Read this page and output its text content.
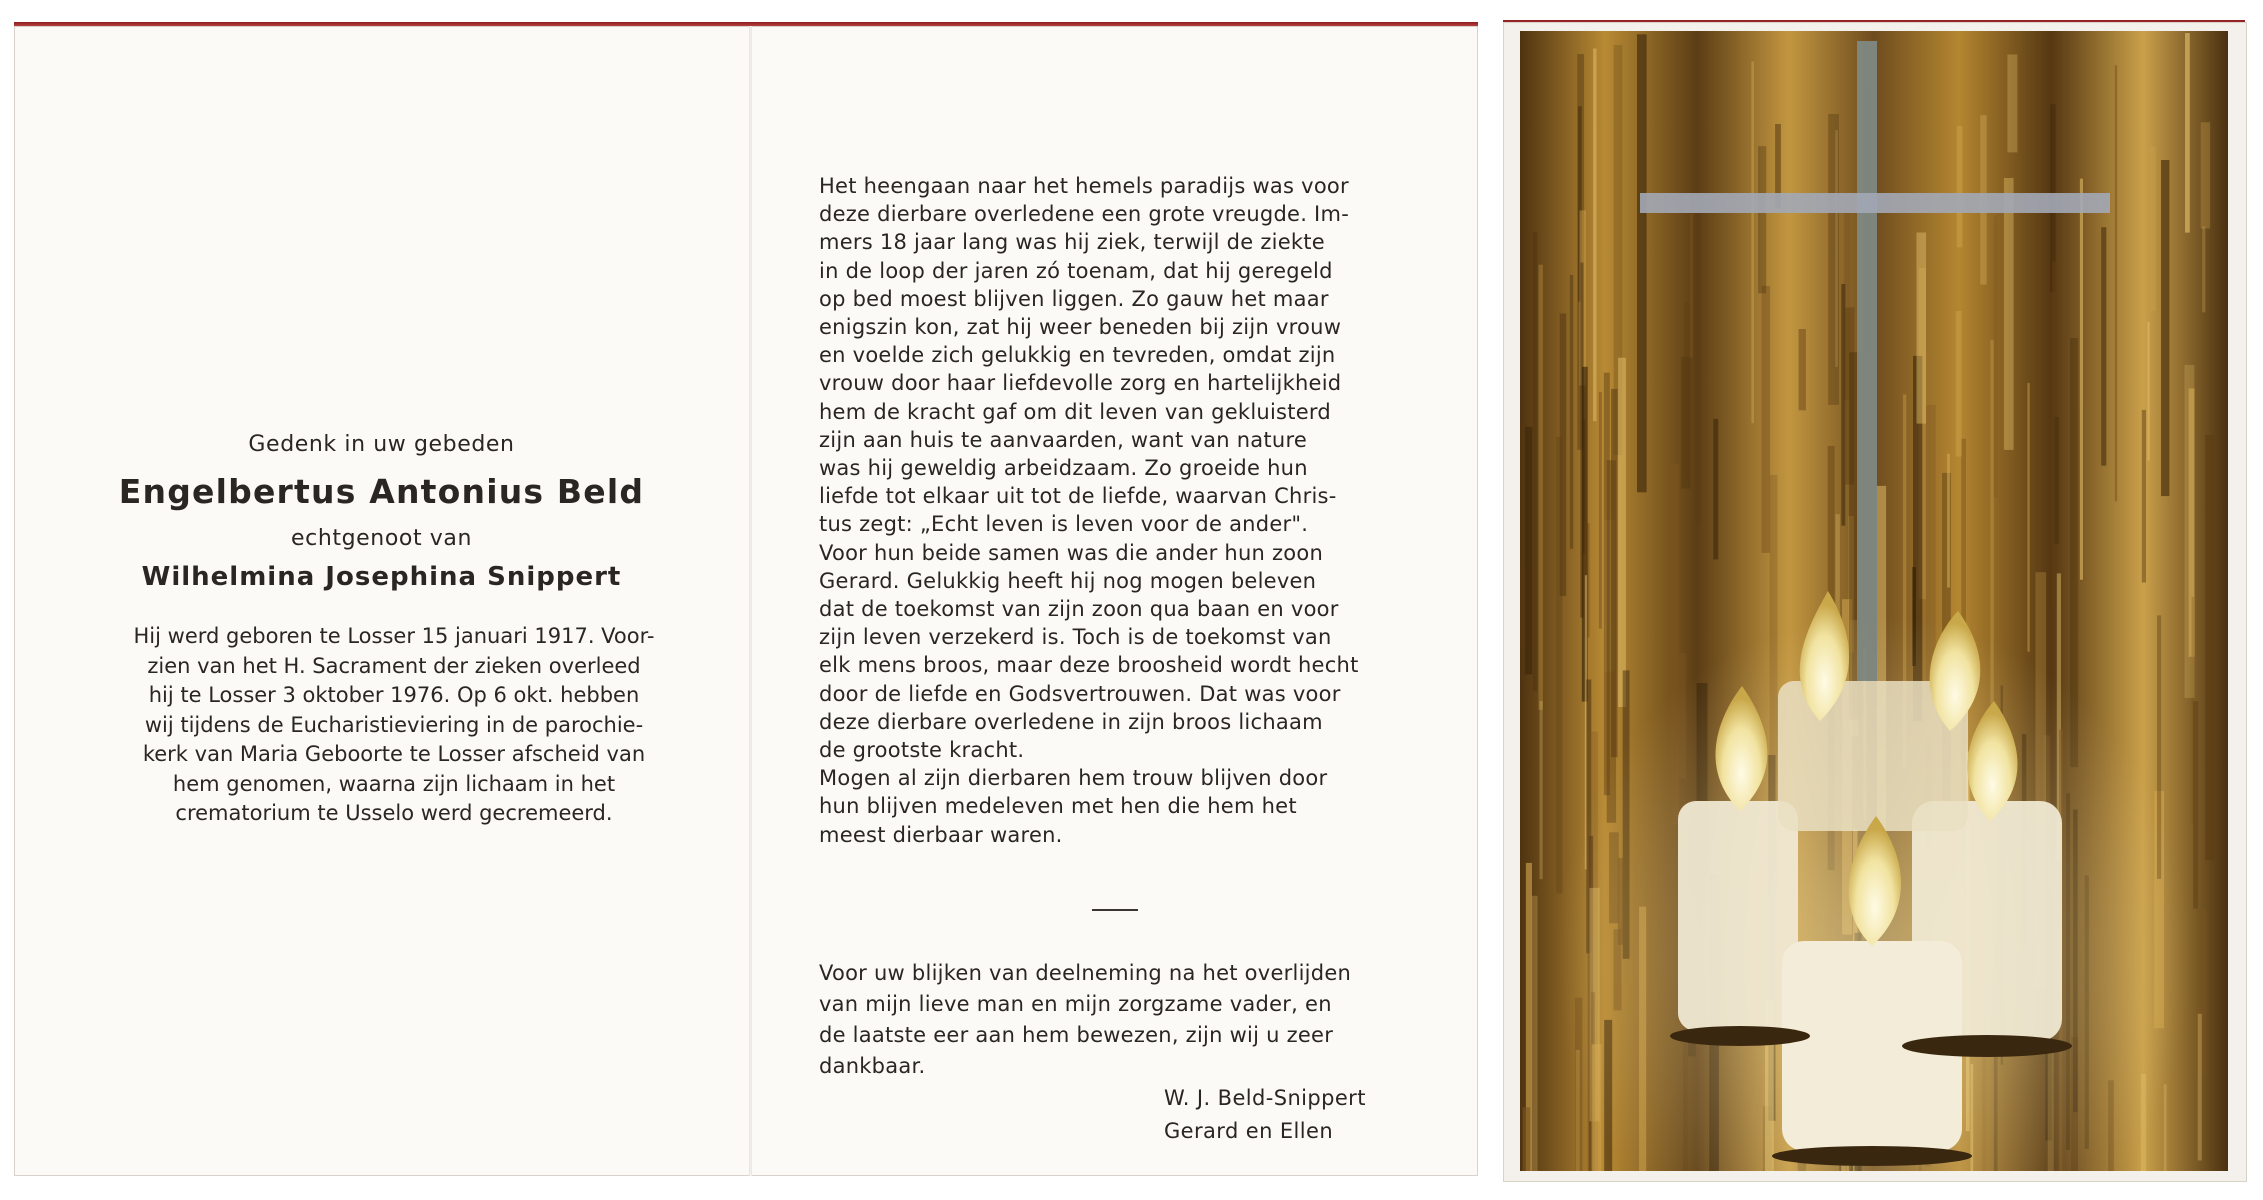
Gedenk in uw gebeden
Engelbertus Antonius Beld
echtgenoot van
Wilhelmina Josephina Snippert
Hij werd geboren te Losser 15 januari 1917. Voor-
zien van het H. Sacrament der zieken overleed
hij te Losser 3 oktober 1976. Op 6 okt. hebben
wij tijdens de Eucharistieviering in de parochie-
kerk van Maria Geboorte te Losser afscheid van
hem genomen, waarna zijn lichaam in het
crematorium te Usselo werd gecremeerd.
Het heengaan naar het hemels paradijs was voor
deze dierbare overledene een grote vreugde. Im-
mers 18 jaar lang was hij ziek, terwijl de ziekte
in de loop der jaren zó toenam, dat hij geregeld
op bed moest blijven liggen. Zo gauw het maar
enigszin kon, zat hij weer beneden bij zijn vrouw
en voelde zich gelukkig en tevreden, omdat zijn
vrouw door haar liefdevolle zorg en hartelijkheid
hem de kracht gaf om dit leven van gekluisterd
zijn aan huis te aanvaarden, want van nature
was hij geweldig arbeidzaam. Zo groeide hun
liefde tot elkaar uit tot de liefde, waarvan Chris-
tus zegt: „Echt leven is leven voor de ander".
Voor hun beide samen was die ander hun zoon
Gerard. Gelukkig heeft hij nog mogen beleven
dat de toekomst van zijn zoon qua baan en voor
zijn leven verzekerd is. Toch is de toekomst van
elk mens broos, maar deze broosheid wordt hecht
door de liefde en Godsvertrouwen. Dat was voor
deze dierbare overledene in zijn broos lichaam
de grootste kracht.
Mogen al zijn dierbaren hem trouw blijven door
hun blijven medeleven met hen die hem het
meest dierbaar waren.
Voor uw blijken van deelneming na het overlijden
van mijn lieve man en mijn zorgzame vader, en
de laatste eer aan hem bewezen, zijn wij u zeer
dankbaar.
W. J. Beld-Snippert
Gerard en Ellen
